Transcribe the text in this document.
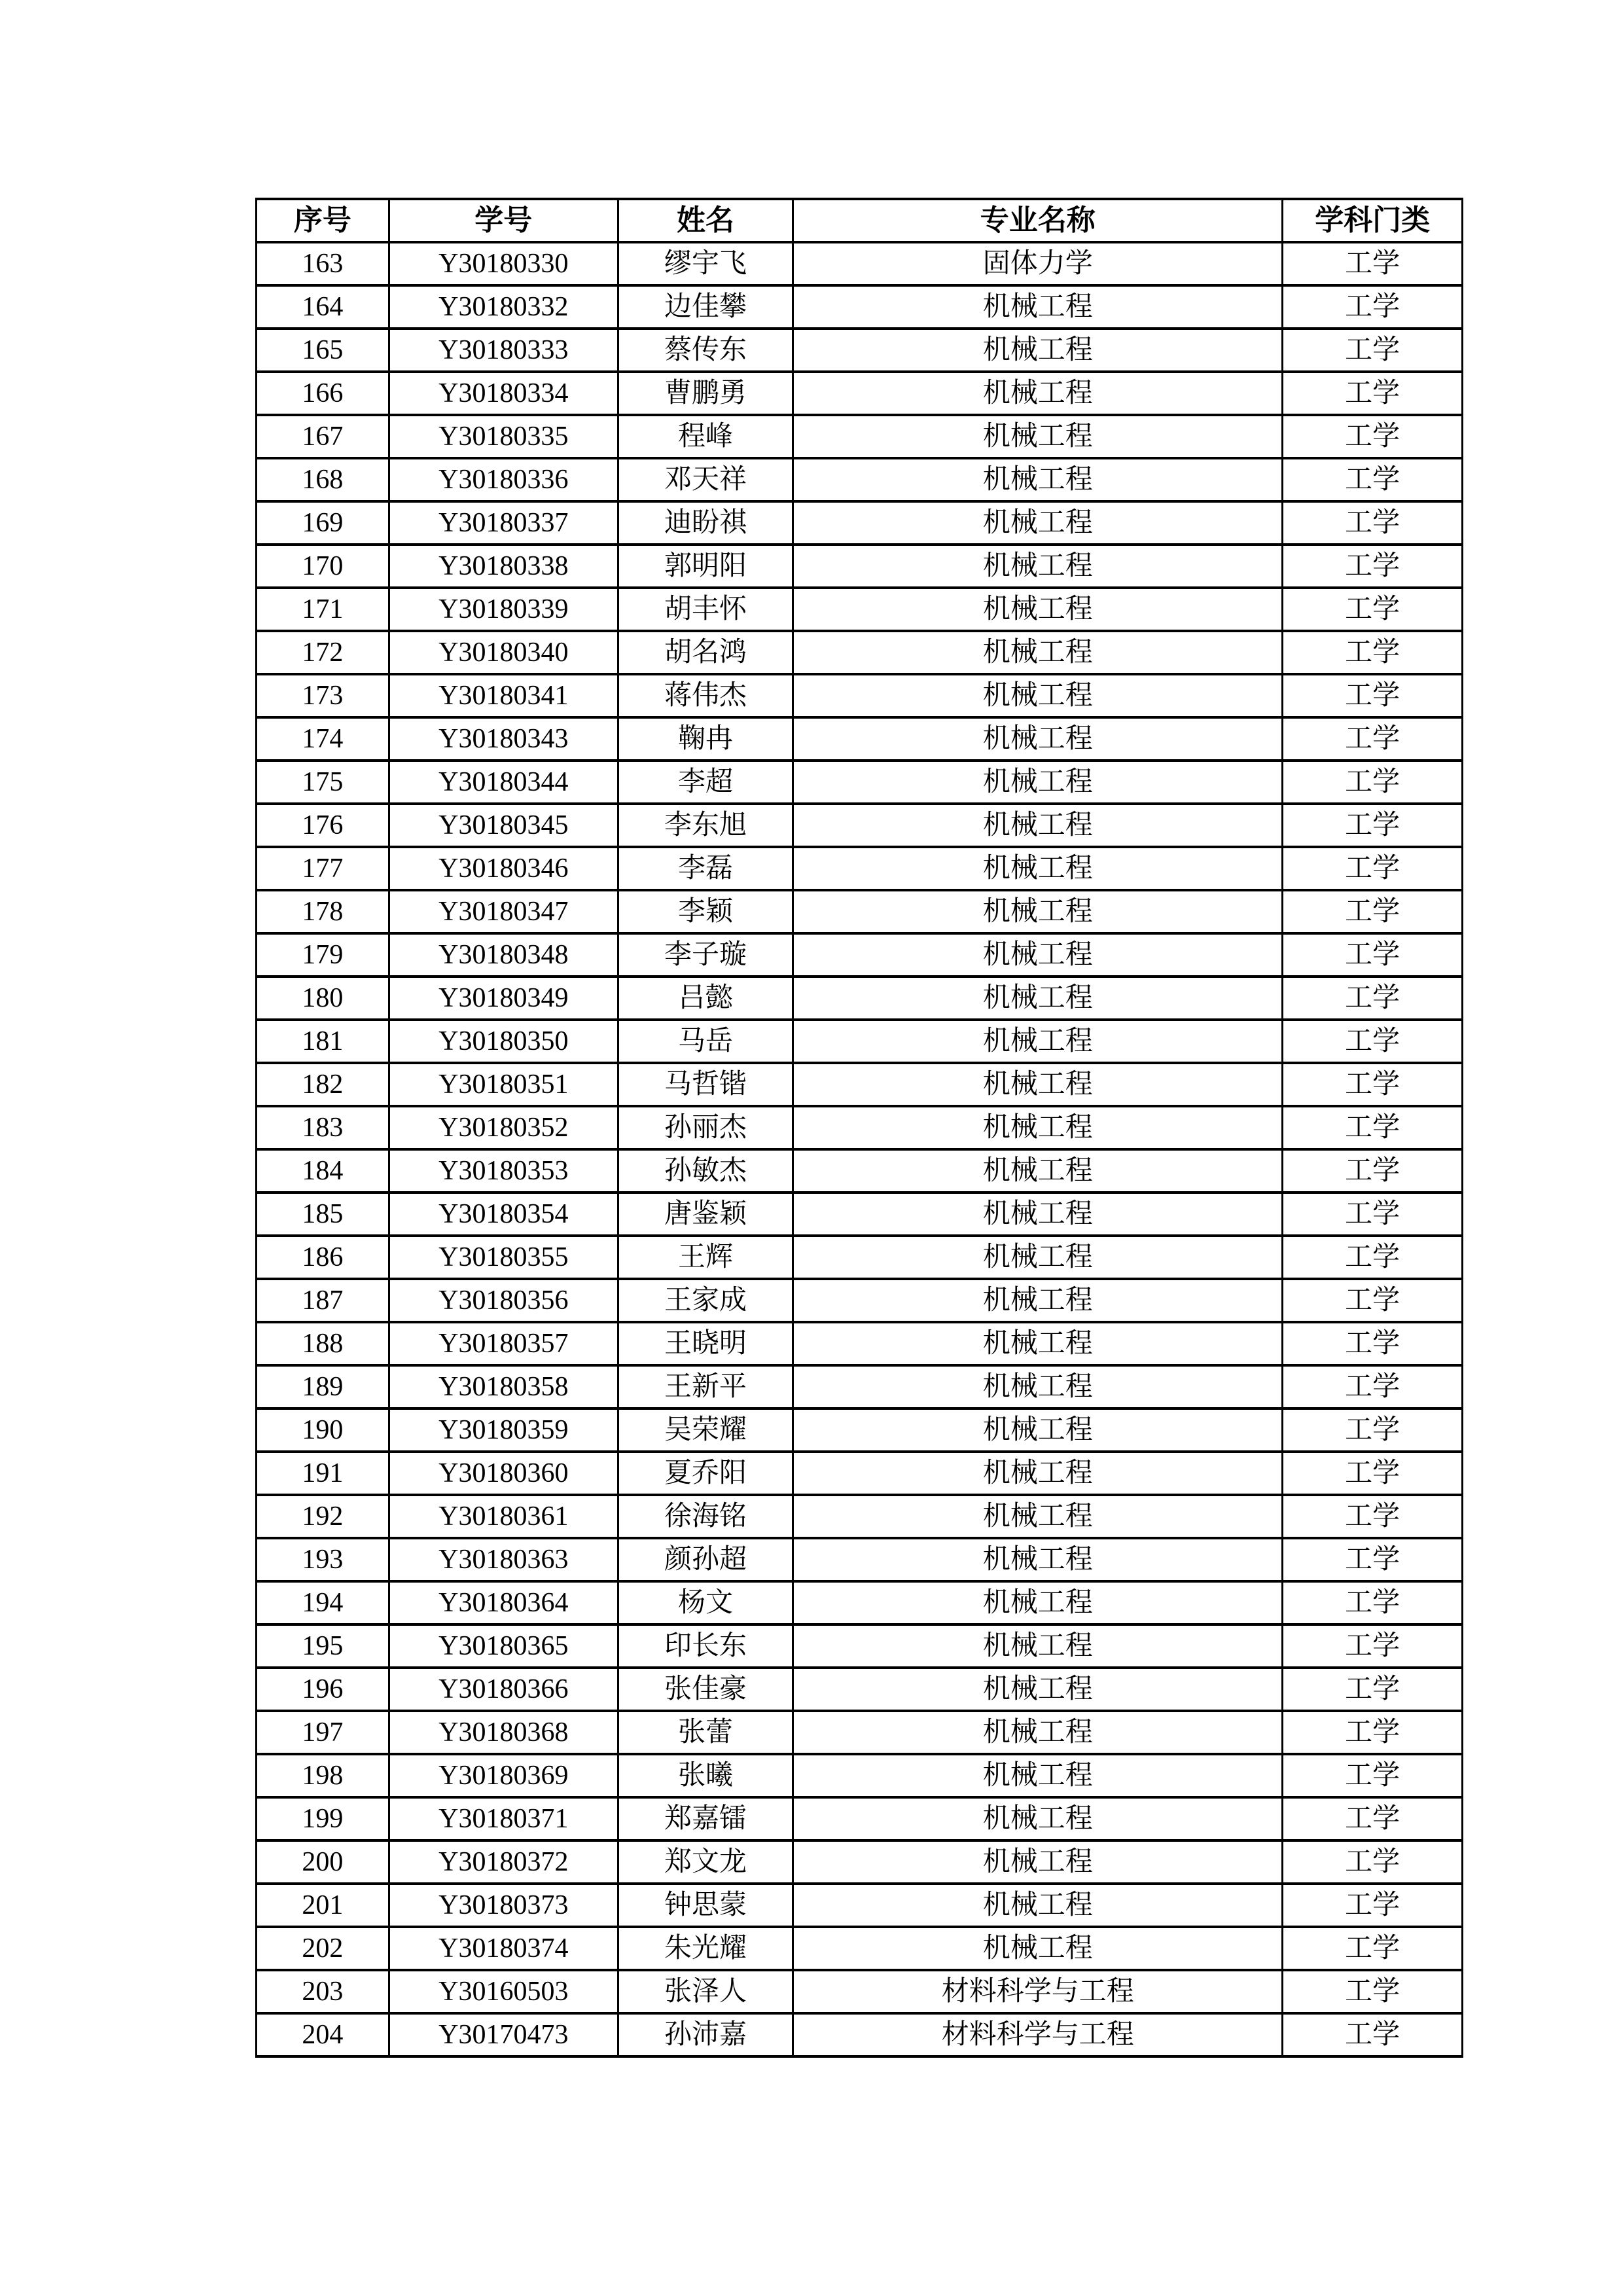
序号	学号	姓名	专业名称	学科门类
163	Y30180330	缪宇飞	固体力学	工学
164	Y30180332	边佳攀	机械工程	工学
165	Y30180333	蔡传东	机械工程	工学
166	Y30180334	曹鹏勇	机械工程	工学
167	Y30180335	程峰	机械工程	工学
168	Y30180336	邓天祥	机械工程	工学
169	Y30180337	迪盼祺	机械工程	工学
170	Y30180338	郭明阳	机械工程	工学
171	Y30180339	胡丰怀	机械工程	工学
172	Y30180340	胡名鸿	机械工程	工学
173	Y30180341	蒋伟杰	机械工程	工学
174	Y30180343	鞠冉	机械工程	工学
175	Y30180344	李超	机械工程	工学
176	Y30180345	李东旭	机械工程	工学
177	Y30180346	李磊	机械工程	工学
178	Y30180347	李颖	机械工程	工学
179	Y30180348	李子璇	机械工程	工学
180	Y30180349	吕懿	机械工程	工学
181	Y30180350	马岳	机械工程	工学
182	Y30180351	马哲锴	机械工程	工学
183	Y30180352	孙丽杰	机械工程	工学
184	Y30180353	孙敏杰	机械工程	工学
185	Y30180354	唐鉴颖	机械工程	工学
186	Y30180355	王辉	机械工程	工学
187	Y30180356	王家成	机械工程	工学
188	Y30180357	王晓明	机械工程	工学
189	Y30180358	王新平	机械工程	工学
190	Y30180359	吴荣耀	机械工程	工学
191	Y30180360	夏乔阳	机械工程	工学
192	Y30180361	徐海铭	机械工程	工学
193	Y30180363	颜孙超	机械工程	工学
194	Y30180364	杨文	机械工程	工学
195	Y30180365	印长东	机械工程	工学
196	Y30180366	张佳豪	机械工程	工学
197	Y30180368	张蕾	机械工程	工学
198	Y30180369	张曦	机械工程	工学
199	Y30180371	郑嘉镭	机械工程	工学
200	Y30180372	郑文龙	机械工程	工学
201	Y30180373	钟思蒙	机械工程	工学
202	Y30180374	朱光耀	机械工程	工学
203	Y30160503	张泽人	材料科学与工程	工学
204	Y30170473	孙沛嘉	材料科学与工程	工学
